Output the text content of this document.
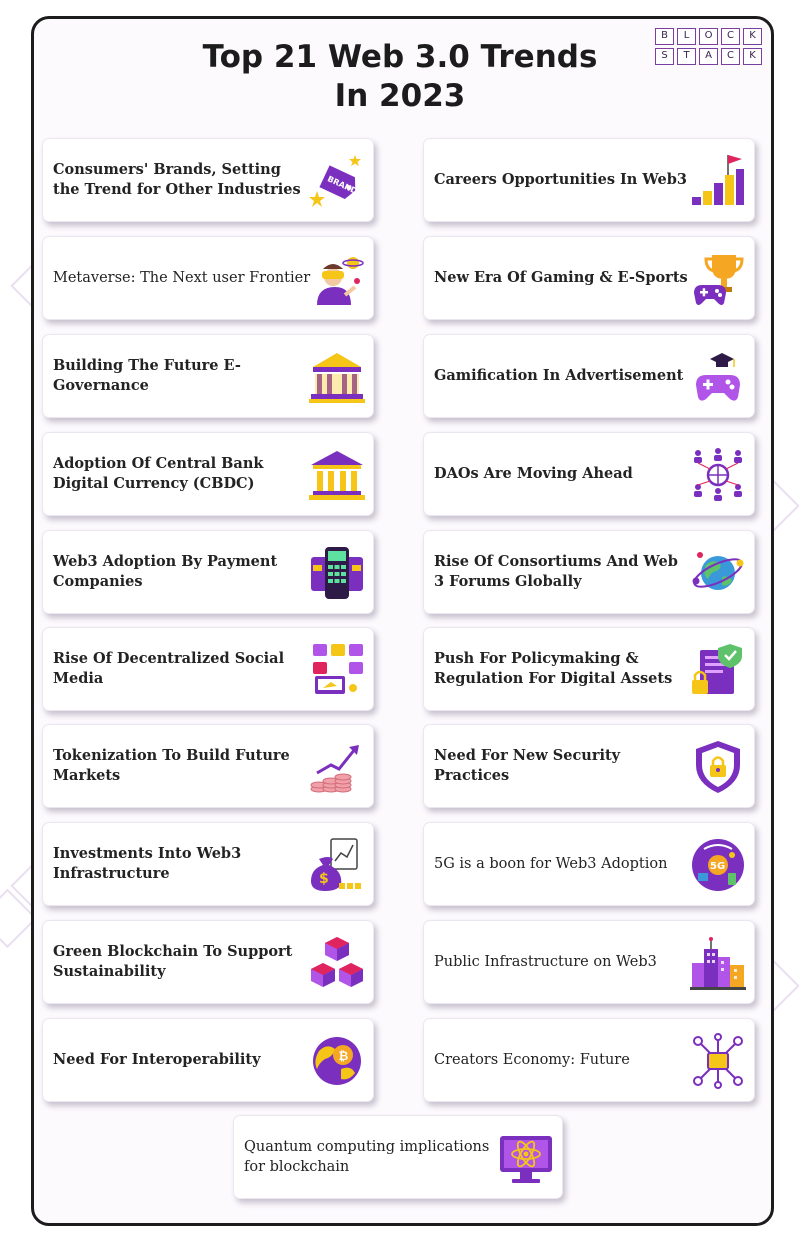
Top 21 Web 3.0 Trends
In 2023
B	L	O	C	K
S	T	A	C	K
Consumers' Brands, Setting the Trend for Other Industries	BRAND	Careers Opportunities In Web3
Metaverse: The Next user Frontier	New Era Of Gaming & E-Sports
Building The Future E-Governance
Gamification In Advertisement
Adoption Of Central Bank Digital Currency (CBDC)
DAOs Are Moving Ahead
Web3 Adoption By Payment Companies
Rise Of Consortiums And Web 3 Forums Globally
Rise Of Decentralized Social Media
Push For Policymaking & Regulation For Digital Assets
Tokenization To Build Future Markets
Need For New Security Practices
Investments Into Web3 Infrastructure	$
5G is a boon for Web3 Adoption	5G
Green Blockchain To Support Sustainability
Public Infrastructure on Web3
Need For Interoperability	₿	Creators Economy: Future
Quantum computing implications for blockchain
